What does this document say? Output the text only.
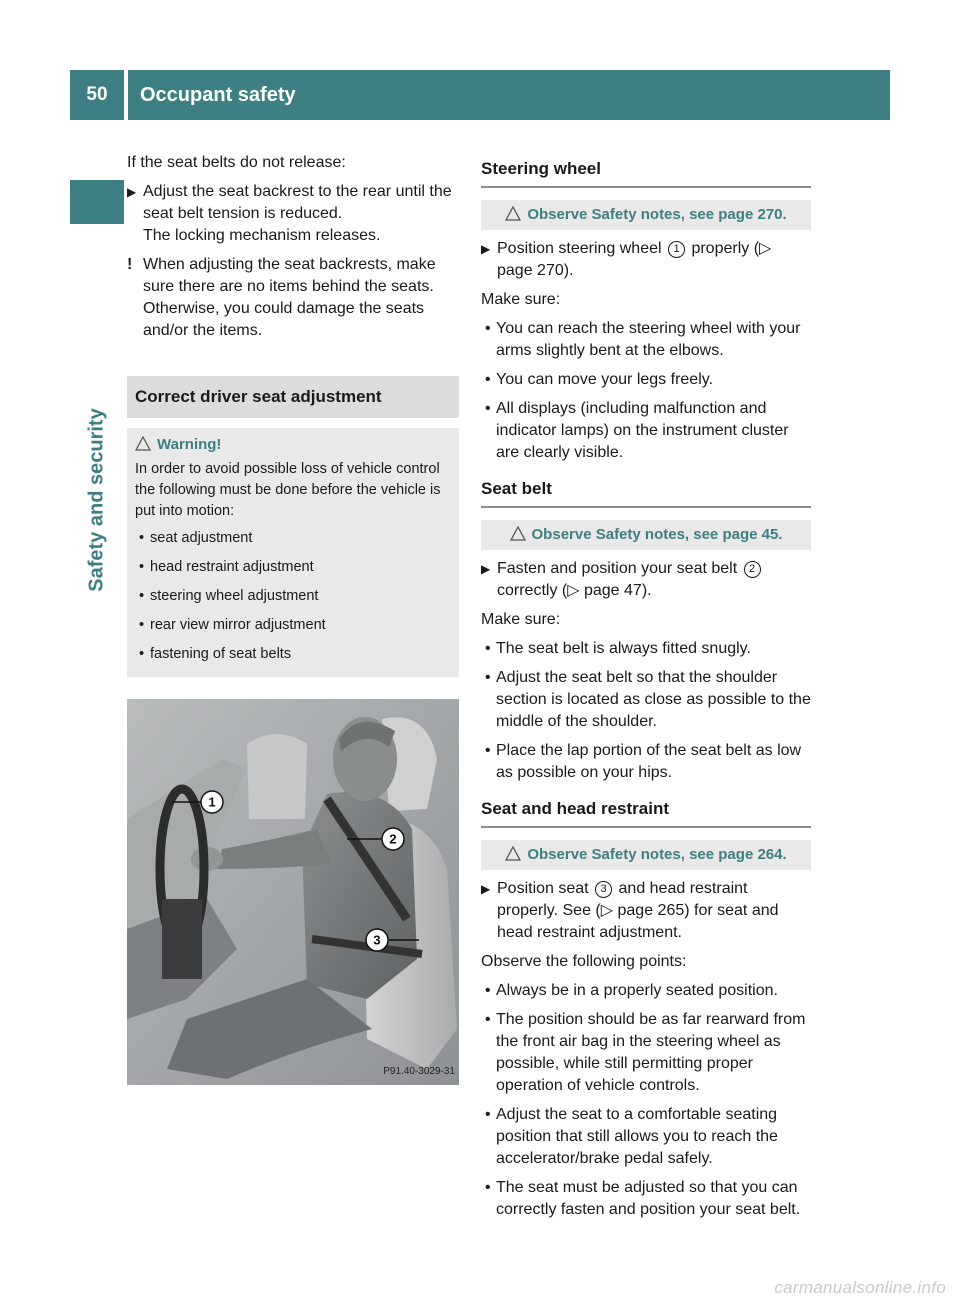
50	Occupant safety
Safety and security

If the seat belts do not release:

▶ Adjust the seat backrest to the rear until the seat belt tension is reduced.
The locking mechanism releases.
! When adjusting the seat backrests, make sure there are no items behind the seats. Otherwise, you could damage the seats and/or the items.
Correct driver seat adjustment
Warning!
In order to avoid possible loss of vehicle control the following must be done before the vehicle is put into motion:
• seat adjustment
• head restraint adjustment
• steering wheel adjustment
• rear view mirror adjustment
• fastening of seat belts
1
2
3
P91.40-3029-31
Steering wheel
Observe Safety notes, see page 270.
▶ Position steering wheel 1 properly (▷ page 270).

Make sure:

• You can reach the steering wheel with your arms slightly bent at the elbows.
• You can move your legs freely.
• All displays (including malfunction and indicator lamps) on the instrument cluster are clearly visible.
Seat belt
Observe Safety notes, see page 45.
▶ Fasten and position your seat belt 2 correctly (▷ page 47).

Make sure:

• The seat belt is always fitted snugly.
• Adjust the seat belt so that the shoulder section is located as close as possible to the middle of the shoulder.
• Place the lap portion of the seat belt as low as possible on your hips.
Seat and head restraint
Observe Safety notes, see page 264.
▶ Position seat 3 and head restraint properly. See (▷ page 265) for seat and head restraint adjustment.

Observe the following points:

• Always be in a properly seated position.
• The position should be as far rearward from the front air bag in the steering wheel as possible, while still permitting proper operation of vehicle controls.
• Adjust the seat to a comfortable seating position that still allows you to reach the accelerator/brake pedal safely.
• The seat must be adjusted so that you can correctly fasten and position your seat belt.
carmanualsonline.info
